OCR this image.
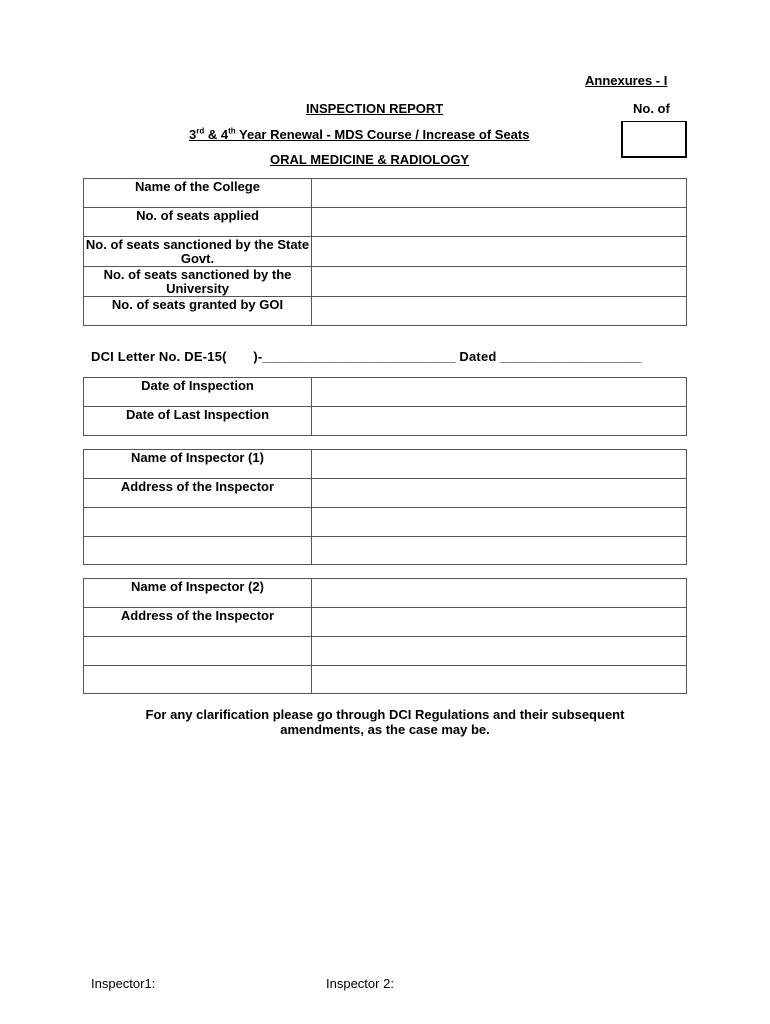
Annexures - I
INSPECTION REPORT	No. of
3rd & 4th Year Renewal - MDS Course / Increase of Seats
ORAL MEDICINE & RADIOLOGY
Name of the College	

No. of seats applied	

No. of seats sanctioned by the State Govt.	

No. of seats sanctioned by the University	

No. of seats granted by GOI	

DCI Letter No. DE-15(       )-__________________________ Dated ___________________
Date of Inspection	

Date of Last Inspection	

Name of Inspector (1)	

Address of the Inspector	

Name of Inspector (2)	

Address of the Inspector	

For any clarification please go through DCI Regulations and their subsequent
amendments, as the case may be.
Inspector1:	Inspector 2:
